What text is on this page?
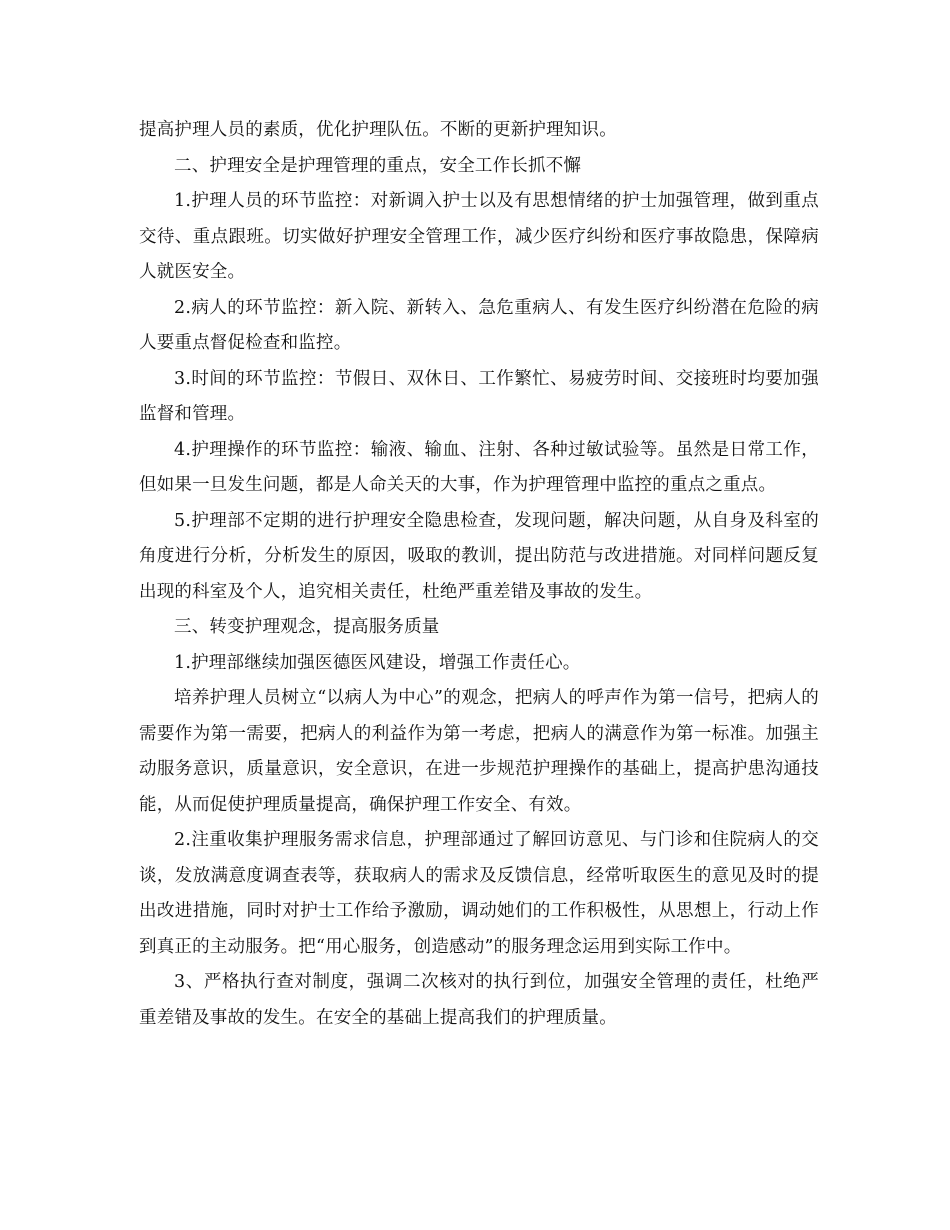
提高护理人员的素质，优化护理队伍。不断的更新护理知识。

二、护理安全是护理管理的重点，安全工作长抓不懈

1.护理人员的环节监控：对新调入护士以及有思想情绪的护士加强管理，做到重点交待、重点跟班。切实做好护理安全管理工作，减少医疗纠纷和医疗事故隐患，保障病人就医安全。

2.病人的环节监控：新入院、新转入、急危重病人、有发生医疗纠纷潜在危险的病人要重点督促检查和监控。

3.时间的环节监控：节假日、双休日、工作繁忙、易疲劳时间、交接班时均要加强监督和管理。

4.护理操作的环节监控：输液、输血、注射、各种过敏试验等。虽然是日常工作，但如果一旦发生问题，都是人命关天的大事，作为护理管理中监控的重点之重点。

5.护理部不定期的进行护理安全隐患检查，发现问题，解决问题，从自身及科室的角度进行分析，分析发生的原因，吸取的教训，提出防范与改进措施。对同样问题反复出现的科室及个人，追究相关责任，杜绝严重差错及事故的发生。

三、转变护理观念，提高服务质量

1.护理部继续加强医德医风建设，增强工作责任心。

培养护理人员树立“以病人为中心”的观念，把病人的呼声作为第一信号，把病人的需要作为第一需要，把病人的利益作为第一考虑，把病人的满意作为第一标准。加强主动服务意识，质量意识，安全意识，在进一步规范护理操作的基础上，提高护患沟通技能，从而促使护理质量提高，确保护理工作安全、有效。

2.注重收集护理服务需求信息，护理部通过了解回访意见、与门诊和住院病人的交谈，发放满意度调查表等，获取病人的需求及反馈信息，经常听取医生的意见及时的提出改进措施，同时对护士工作给予激励，调动她们的工作积极性，从思想上，行动上作到真正的主动服务。把“用心服务，创造感动”的服务理念运用到实际工作中。

3、严格执行查对制度，强调二次核对的执行到位，加强安全管理的责任，杜绝严重差错及事故的发生。在安全的基础上提高我们的护理质量。
